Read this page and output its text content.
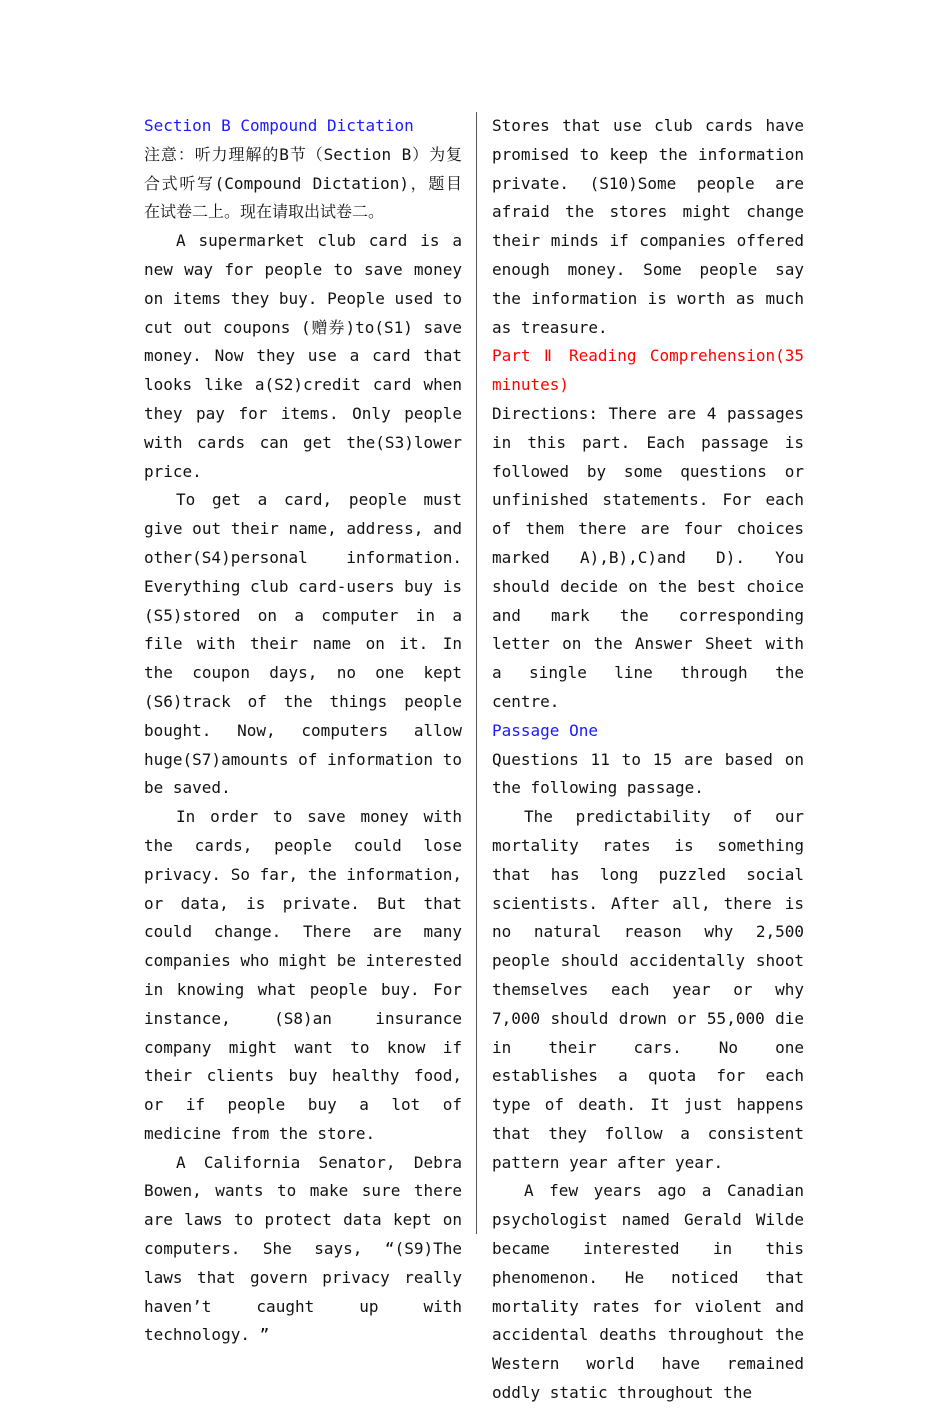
Section B Compound Dictation

注意：听力理解的B节（Section B）为复合式听写(Compound Dictation)，题目在试卷二上。现在请取出试卷二。

A supermarket club card is a new way for people to save money on items they buy. People used to cut out coupons (赠券)to(S1) save money. Now they use a card that looks like a(S2)credit card when they pay for items. Only people with cards can get the(S3)lower price.

To get a card, people must give out their name, address, and other(S4)personal information. Everything club card-users buy is (S5)stored on a computer in a file with their name on it. In the coupon days, no one kept (S6)track of the things people bought. Now, computers allow huge(S7)amounts of information to be saved.

In order to save money with the cards, people could lose privacy. So far, the information, or data, is private. But that could change. There are many companies who might be interested in knowing what people buy. For instance, (S8)an insurance company might want to know if their clients buy healthy food, or if people buy a lot of medicine from the store.

A California Senator, Debra Bowen, wants to make sure there are laws to protect data kept on computers. She says, “(S9)The laws that govern privacy really haven’t caught up with technology. ”

Stores that use club cards have promised to keep the information private. (S10)Some people are afraid the stores might change their minds if companies offered enough money. Some people say the information is worth as much as treasure.

Part Ⅱ Reading Comprehension(35 minutes)

Directions: There are 4 passages in this part. Each passage is followed by some questions or unfinished statements. For each of them there are four choices marked A),B),C)and D). You should decide on the best choice and mark the corresponding letter on the Answer Sheet with a single line through the centre.

Passage One

Questions 11 to 15 are based on the following passage.

The predictability of our mortality rates is something that has long puzzled social scientists. After all, there is no natural reason why 2,500 people should accidentally shoot themselves each year or why 7,000 should drown or 55,000 die in their cars. No one establishes a quota for each type of death. It just happens that they follow a consistent pattern year after year.

A few years ago a Canadian psychologist named Gerald Wilde became interested in this phenomenon. He noticed that mortality rates for violent and accidental deaths throughout the Western world have remained oddly static throughout the
